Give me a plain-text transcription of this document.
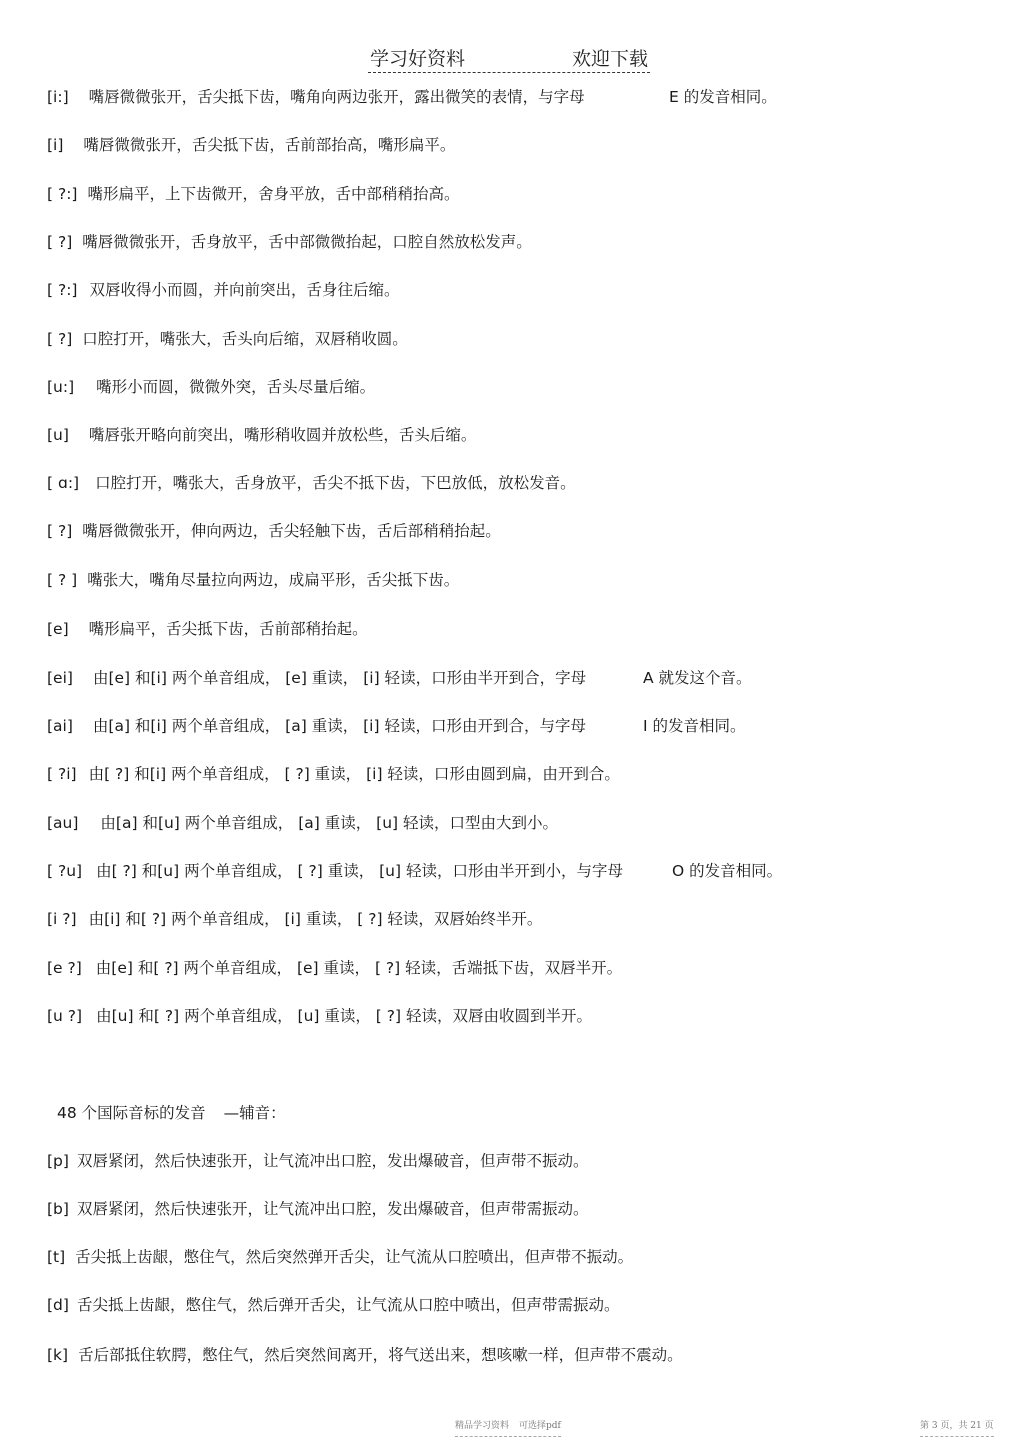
学习好资料	欢迎下载
[i:] 嘴唇微微张开，舌尖抵下齿，嘴角向两边张开，露出微笑的表情，与字母	E 的发音相同。
[i] 嘴唇微微张开，舌尖抵下齿，舌前部抬高，嘴形扁平。
[ ?:] 嘴形扁平，上下齿微开，舍身平放，舌中部稍稍抬高。
[ ?] 嘴唇微微张开，舌身放平，舌中部微微抬起，口腔自然放松发声。
[ ?:] 双唇收得小而圆，并向前突出，舌身往后缩。
[ ?] 口腔打开，嘴张大，舌头向后缩，双唇稍收圆。
[u:] 嘴形小而圆，微微外突，舌头尽量后缩。
[u] 嘴唇张开略向前突出，嘴形稍收圆并放松些，舌头后缩。
[ ɑ:] 口腔打开，嘴张大，舌身放平，舌尖不抵下齿，下巴放低，放松发音。
[ ?] 嘴唇微微张开，伸向两边，舌尖轻触下齿，舌后部稍稍抬起。
[ ? ] 嘴张大，嘴角尽量拉向两边，成扁平形，舌尖抵下齿。
[e] 嘴形扁平，舌尖抵下齿，舌前部稍抬起。
[ei] 由[e] 和[i] 两个单音组成， [e] 重读， [i] 轻读，口形由半开到合，字母	A 就发这个音。
[ai] 由[a] 和[i] 两个单音组成， [a] 重读， [i] 轻读，口形由开到合，与字母	I 的发音相同。
[ ?i] 由[ ?] 和[i] 两个单音组成， [ ?] 重读， [i] 轻读，口形由圆到扁，由开到合。
[au] 由[a] 和[u] 两个单音组成， [a] 重读， [u] 轻读，口型由大到小。
[ ?u] 由[ ?] 和[u] 两个单音组成， [ ?] 重读， [u] 轻读，口形由半开到小，与字母	O 的发音相同。
[i ?] 由[i] 和[ ?] 两个单音组成， [i] 重读， [ ?] 轻读，双唇始终半开。
[e ?] 由[e] 和[ ?] 两个单音组成， [e] 重读， [ ?] 轻读，舌端抵下齿，双唇半开。
[u ?] 由[u] 和[ ?] 两个单音组成， [u] 重读， [ ?] 轻读，双唇由收圆到半开。
48 个国际音标的发音 —辅音：
[p] 双唇紧闭，然后快速张开，让气流冲出口腔，发出爆破音，但声带不振动。
[b] 双唇紧闭，然后快速张开，让气流冲出口腔，发出爆破音，但声带需振动。
[t] 舌尖抵上齿龈，憋住气，然后突然弹开舌尖，让气流从口腔喷出，但声带不振动。
[d] 舌尖抵上齿龈，憋住气，然后弹开舌尖，让气流从口腔中喷出，但声带需振动。
[k] 舌后部抵住软腭，憋住气，然后突然间离开，将气送出来，想咳嗽一样，但声带不震动。
精品学习资料 可选择pdf	第 3 页，共 21 页
